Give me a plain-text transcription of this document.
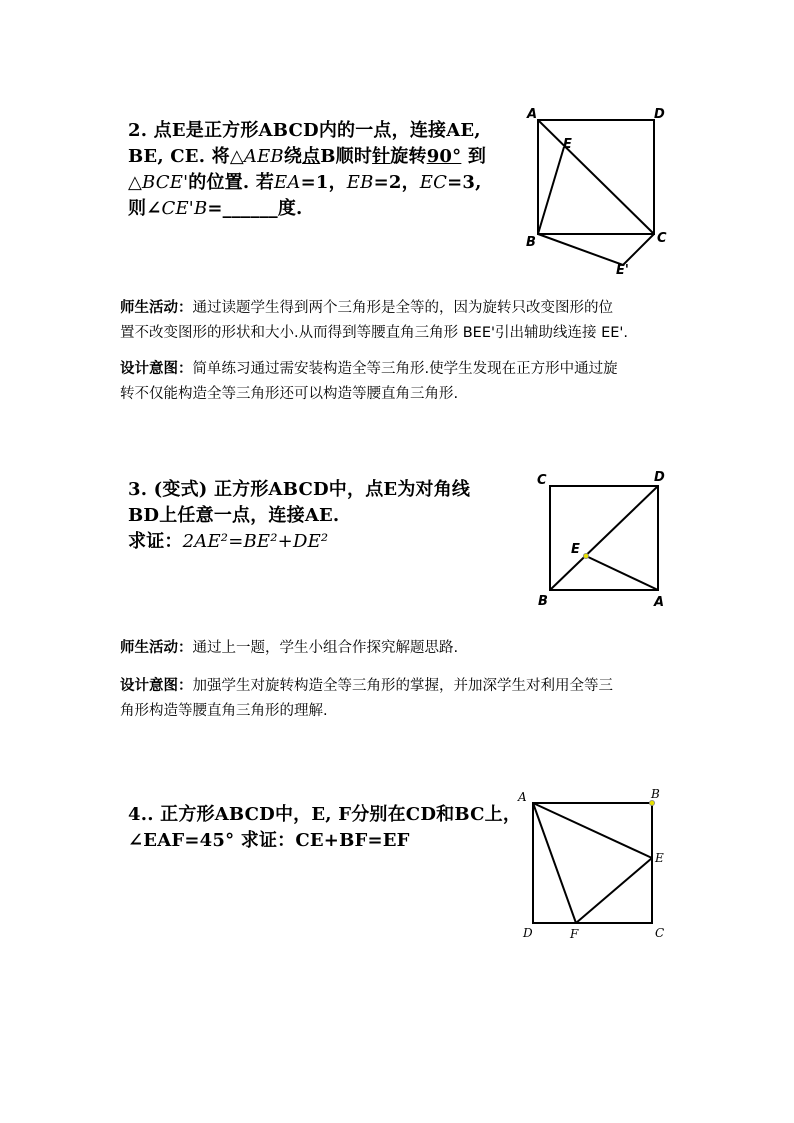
2. 点E是正方形ABCD内的一点，连接AE,
BE, CE. 将△AEB绕点B顺时针旋转90° 到
△BCE'的位置. 若EA=1，EB=2，EC=3,
则∠CE'B=______度.
A	D
E
B	C
E'
师生活动：通过读题学生得到两个三角形是全等的，因为旋转只改变图形的位
置不改变图形的形状和大小.从而得到等腰直角三角形 BEE'引出辅助线连接 EE'.
设计意图：简单练习通过需安装构造全等三角形.使学生发现在正方形中通过旋
转不仅能构造全等三角形还可以构造等腰直角三角形.
3. (变式) 正方形ABCD中，点E为对角线
BD上任意一点，连接AE.
求证：2AE²=BE²+DE²
C	D
E
B	A
师生活动：通过上一题，学生小组合作探究解题思路.
设计意图：加强学生对旋转构造全等三角形的掌握，并加深学生对利用全等三
角形构造等腰直角三角形的理解.
4.. 正方形ABCD中，E, F分别在CD和BC上，
∠EAF=45° 求证：CE+BF=EF
A	B
E
D	F	C
